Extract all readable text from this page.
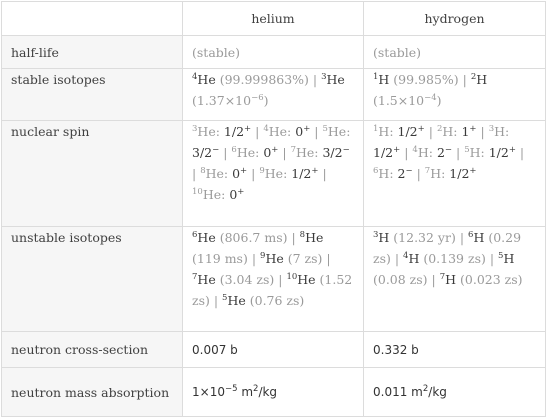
	helium	hydrogen
half-life	(stable)	(stable)
stable isotopes	$^4$He (99.999863%) | $^3$He $(1.37\times 10^{-6})$	$^1$H (99.985%) | $^2$H $(1.5\times 10^{-4})$
nuclear spin	$^3$He: 1/2+ | $^4$He: 0+ | $^5$He: 3/2− | $^6$He: 0+ | $^7$He: 3/2− | $^8$He: 0+ | $^9$He: 1/2+ | $^{10}$He: 0+	$^1$H: 1/2+ | $^2$H: 1+ | $^3$H: 1/2+ | $^4$H: 2− | $^5$H: 1/2+ | $^6$H: 2− | $^7$H: 1/2+
unstable isotopes	$^6$He (806.7 ms) | $^8$He (119 ms) | $^9$He (7 zs) | $^7$He (3.04 zs) | $^{10}$He (1.52 zs) | $^5$He (0.76 zs)	$^3$H (12.32 yr) | $^6$H (0.29 zs) | $^4$H (0.139 zs) | $^5$H (0.08 zs) | $^7$H (0.023 zs)
neutron cross-section	0.007 b	0.332 b
neutron mass absorption	$1\times 10^{-5}$ $m^2/kg$	0.011 $m^2/kg$
